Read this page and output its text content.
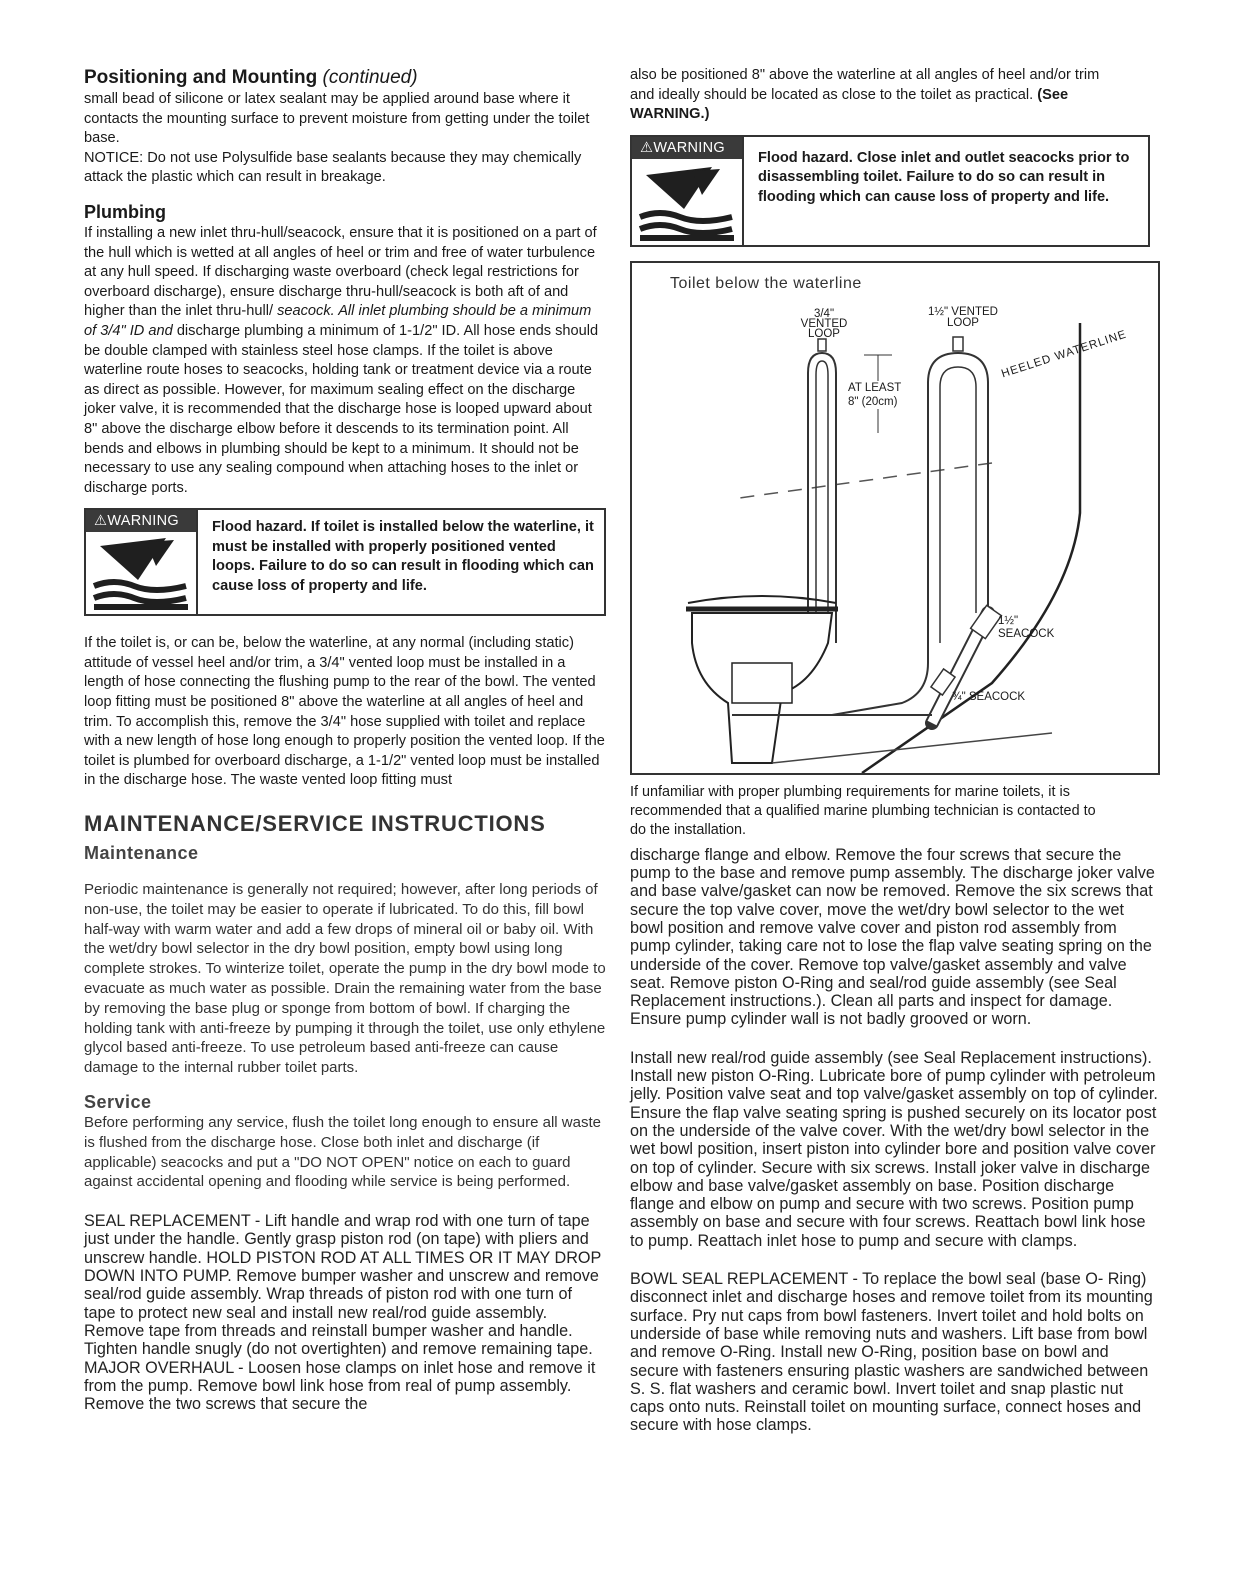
Positioning and Mounting (continued)

small bead of silicone or latex sealant may be applied around base where it contacts the mounting surface to prevent moisture from getting under the toilet base.

NOTICE: Do not use Polysulfide base sealants because they may chemically attack the plastic which can result in breakage.

Plumbing

If installing a new inlet thru-hull/seacock, ensure that it is positioned on a part of the hull which is wetted at all angles of heel or trim and free of water turbulence at any hull speed. If discharging waste overboard (check legal restrictions for overboard discharge), ensure discharge thru-hull/seacock is both aft of and higher than the inlet thru-hull/ seacock. All inlet plumbing should be a minimum of 3/4" ID and discharge plumbing a minimum of 1-1/2" ID. All hose ends should be double clamped with stainless steel hose clamps. If the toilet is above waterline route hoses to seacocks, holding tank or treatment device via a route as direct as possible. However, for maximum sealing effect on the discharge joker valve, it is recommended that the discharge hose is looped upward about 8" above the discharge elbow before it descends to its termination point. All bends and elbows in plumbing should be kept to a minimum. It should not be necessary to use any sealing compound when attaching hoses to the inlet or discharge ports.

⚠WARNING	Flood hazard. If toilet is installed below the waterline, it must be installed with properly positioned vented loops. Failure to do so can result in flooding which can cause loss of property and life.

If the toilet is, or can be, below the waterline, at any normal (including static) attitude of vessel heel and/or trim, a 3/4" vented loop must be installed in a length of hose connecting the flushing pump to the rear of the bowl. The vented loop fitting must be positioned 8" above the waterline at all angles of heel and trim. To accomplish this, remove the 3/4" hose supplied with toilet and replace with a new length of hose long enough to properly position the vented loop. If the toilet is plumbed for overboard discharge, a 1-1/2" vented loop must be installed in the discharge hose. The waste vented loop fitting must

MAINTENANCE/SERVICE INSTRUCTIONS
Maintenance

Periodic maintenance is generally not required; however, after long periods of non-use, the toilet may be easier to operate if lubricated. To do this, fill bowl half-way with warm water and add a few drops of mineral oil or baby oil. With the wet/dry bowl selector in the dry bowl position, empty bowl using long complete strokes. To winterize toilet, operate the pump in the dry bowl mode to evacuate as much water as possible. Drain the remaining water from the base by removing the base plug or sponge from bottom of bowl. If charging the holding tank with anti-freeze by pumping it through the toilet, use only ethylene glycol based anti-freeze. To use petroleum based anti-freeze can cause damage to the internal rubber toilet parts.

Service

Before performing any service, flush the toilet long enough to ensure all waste is flushed from the discharge hose. Close both inlet and discharge (if applicable) seacocks and put a "DO NOT OPEN" notice on each to guard against accidental opening and flooding while service is being performed.

SEAL REPLACEMENT - Lift handle and wrap rod with one turn of tape just under the handle. Gently grasp piston rod (on tape) with pliers and unscrew handle. HOLD PISTON ROD AT ALL TIMES OR IT MAY DROP DOWN INTO PUMP. Remove bumper washer and unscrew and remove seal/rod guide assembly. Wrap threads of piston rod with one turn of tape to protect new seal and install new real/rod guide assembly. Remove tape from threads and reinstall bumper washer and handle. Tighten handle snugly (do not overtighten) and remove remaining tape.

MAJOR OVERHAUL - Loosen hose clamps on inlet hose and remove it from the pump. Remove bowl link hose from real of pump assembly. Remove the two screws that secure the

also be positioned 8" above the waterline at all angles of heel and/or trim and ideally should be located as close to the toilet as practical. (See WARNING.)

⚠WARNING
Flood hazard. Close inlet and outlet seacocks prior to disassembling toilet. Failure to do so can result in flooding which can cause loss of property and life.
Toilet below the waterline
3/4"
VENTED
LOOP
1½" VENTED
LOOP
AT LEAST
8" (20cm)
HEELED WATERLINE
1½"
SEACOCK
¾" SEACOCK

If unfamiliar with proper plumbing requirements for marine toilets, it is recommended that a qualified marine plumbing technician is contacted to do the installation.

discharge flange and elbow. Remove the four screws that secure the pump to the base and remove pump assembly. The discharge joker valve and base valve/gasket can now be removed. Remove the six screws that secure the top valve cover, move the wet/dry bowl selector to the wet bowl position and remove valve cover and piston rod assembly from pump cylinder, taking care not to lose the flap valve seating spring on the underside of the cover. Remove top valve/gasket assembly and valve seat. Remove piston O-Ring and seal/rod guide assembly (see Seal Replacement instructions.). Clean all parts and inspect for damage. Ensure pump cylinder wall is not badly grooved or worn.

Install new real/rod guide assembly (see Seal Replacement instructions). Install new piston O-Ring. Lubricate bore of pump cylinder with petroleum jelly. Position valve seat and top valve/gasket assembly on top of cylinder. Ensure the flap valve seating spring is pushed securely on its locator post on the underside of the valve cover. With the wet/dry bowl selector in the wet bowl position, insert piston into cylinder bore and position valve cover on top of cylinder. Secure with six screws. Install joker valve in discharge elbow and base valve/gasket assembly on base. Position discharge flange and elbow on pump and secure with two screws. Position pump assembly on base and secure with four screws. Reattach bowl link hose to pump. Reattach inlet hose to pump and secure with clamps.

BOWL SEAL REPLACEMENT - To replace the bowl seal (base O- Ring) disconnect inlet and discharge hoses and remove toilet from its mounting surface. Pry nut caps from bowl fasteners. Invert toilet and hold bolts on underside of base while removing nuts and washers. Lift base from bowl and remove O-Ring. Install new O-Ring, position base on bowl and secure with fasteners ensuring plastic washers are sandwiched between S. S. flat washers and ceramic bowl. Invert toilet and snap plastic nut caps onto nuts. Reinstall toilet on mounting surface, connect hoses and secure with hose clamps.
